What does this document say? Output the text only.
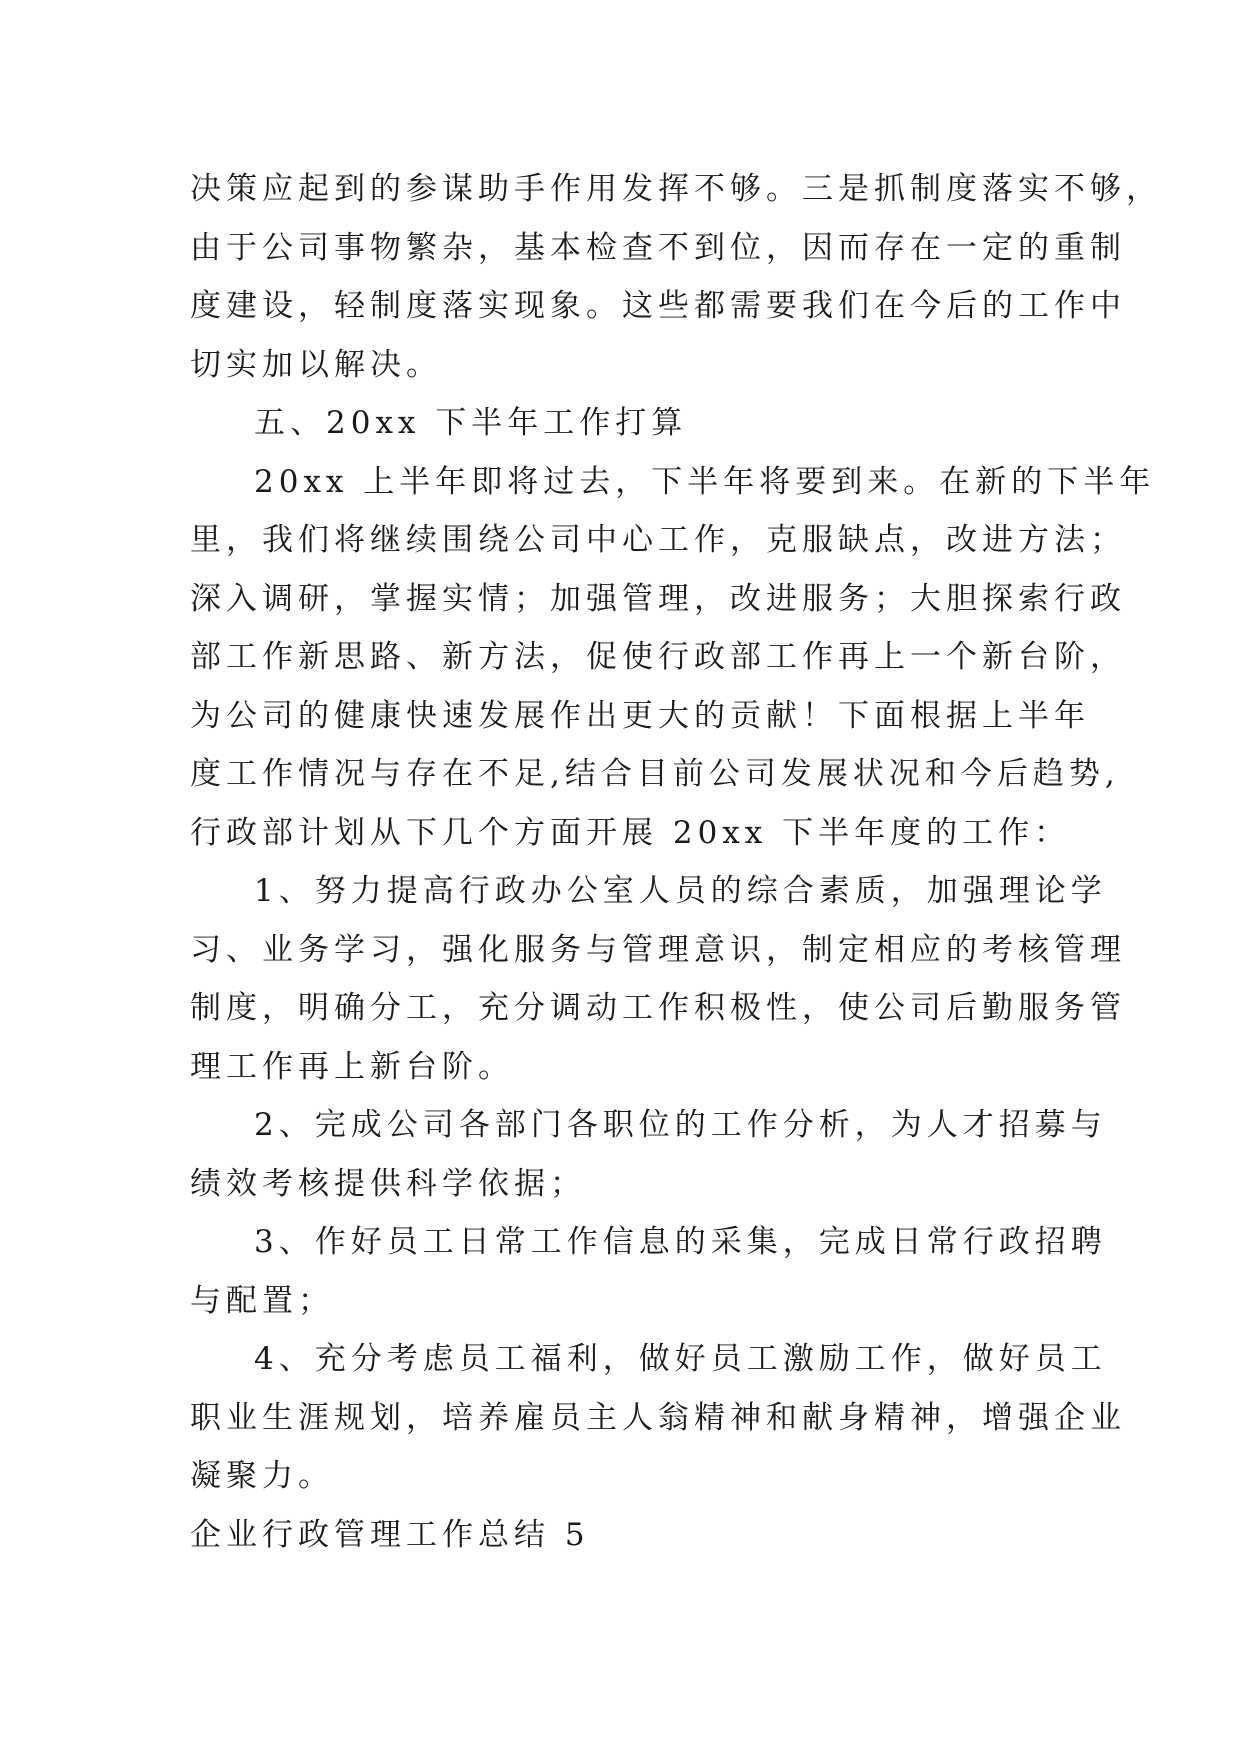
决策应起到的参谋助手作用发挥不够。三是抓制度落实不够，
由于公司事物繁杂，基本检查不到位，因而存在一定的重制
度建设，轻制度落实现象。这些都需要我们在今后的工作中
切实加以解决。
五、20xx 下半年工作打算
20xx 上半年即将过去，下半年将要到来。在新的下半年
里，我们将继续围绕公司中心工作，克服缺点，改进方法；
深入调研，掌握实情；加强管理，改进服务；大胆探索行政
部工作新思路、新方法，促使行政部工作再上一个新台阶，
为公司的健康快速发展作出更大的贡献！下面根据上半年
度工作情况与存在不足,结合目前公司发展状况和今后趋势,
行政部计划从下几个方面开展 20xx 下半年度的工作：
1、努力提高行政办公室人员的综合素质，加强理论学
习、业务学习，强化服务与管理意识，制定相应的考核管理
制度，明确分工，充分调动工作积极性，使公司后勤服务管
理工作再上新台阶。
2、完成公司各部门各职位的工作分析，为人才招募与
绩效考核提供科学依据；
3、作好员工日常工作信息的采集，完成日常行政招聘
与配置；
4、充分考虑员工福利，做好员工激励工作，做好员工
职业生涯规划，培养雇员主人翁精神和献身精神，增强企业
凝聚力。
企业行政管理工作总结 5
